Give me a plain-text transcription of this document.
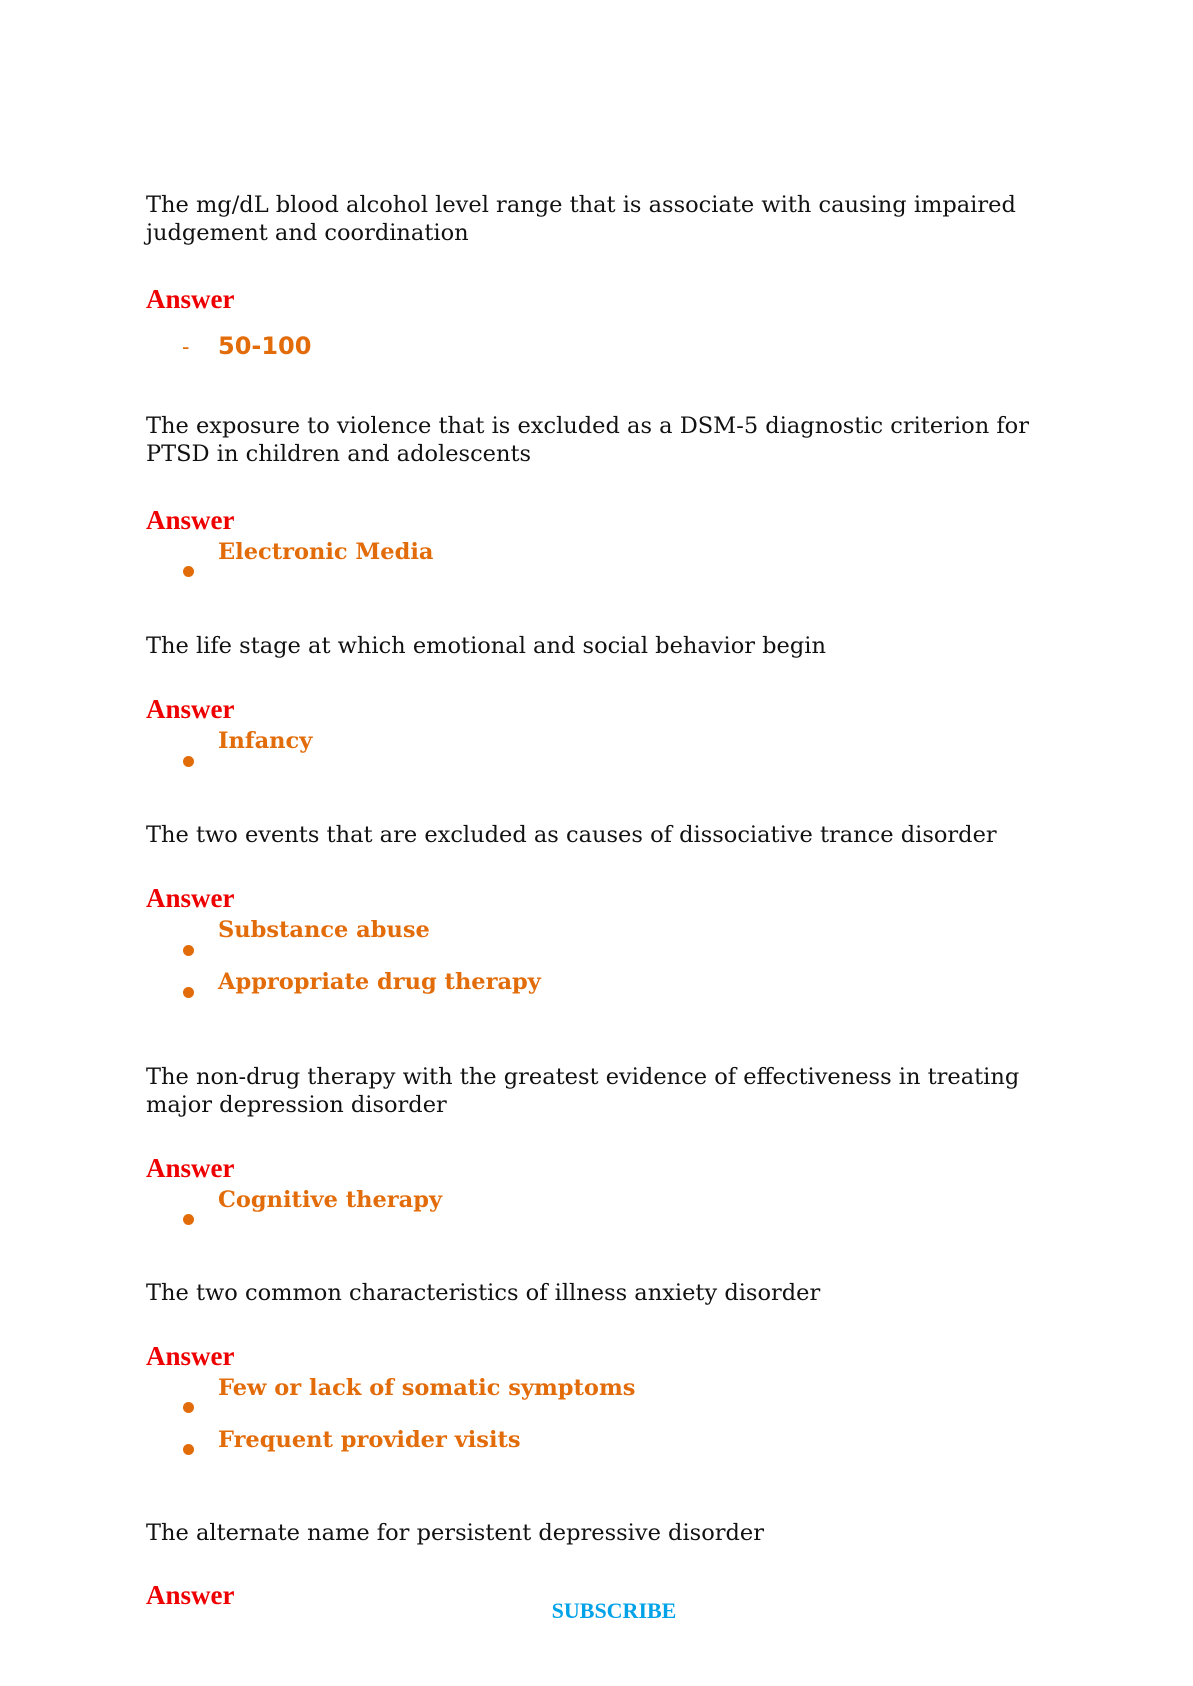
The mg/dL blood alcohol level range that is associate with causing impaired judgement and coordination
Answer
- 50-100
The exposure to violence that is excluded as a DSM-5 diagnostic criterion for PTSD in children and adolescents
Answer
Electronic Media
The life stage at which emotional and social behavior begin
Answer
Infancy
The two events that are excluded as causes of dissociative trance disorder
Answer
Substance abuse
Appropriate drug therapy
The non-drug therapy with the greatest evidence of effectiveness in treating major depression disorder
Answer
Cognitive therapy
The two common characteristics of illness anxiety disorder
Answer
Few or lack of somatic symptoms
Frequent provider visits
The alternate name for persistent depressive disorder
Answer
SUBSCRIBE
